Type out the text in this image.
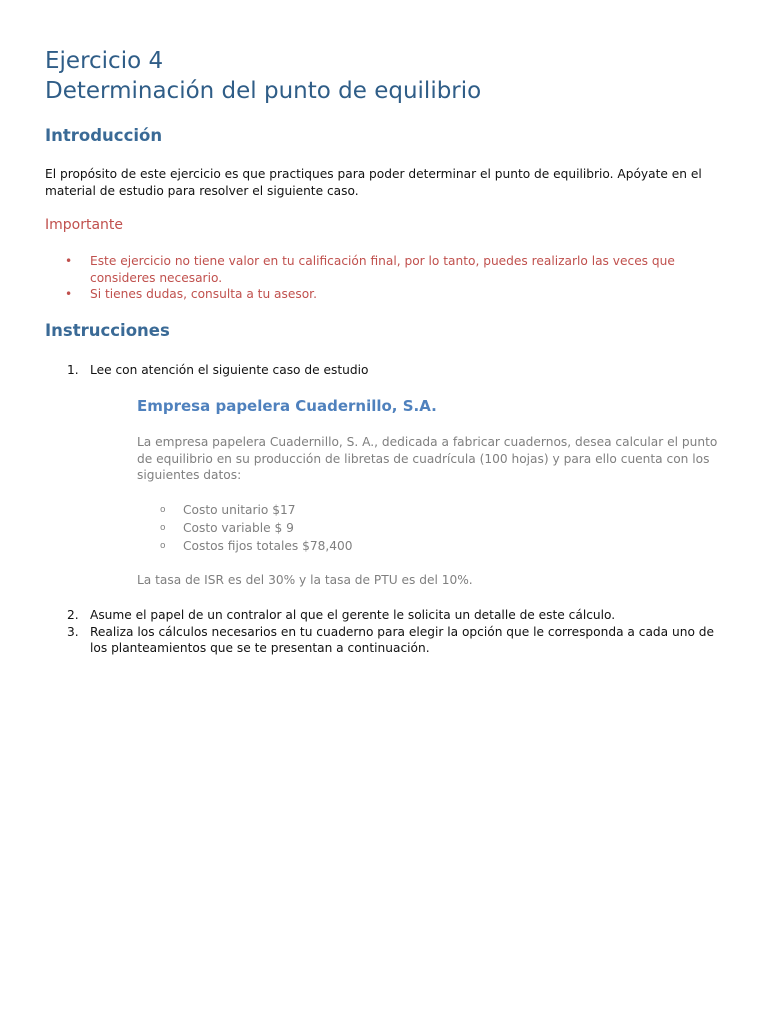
Ejercicio 4
Determinación del punto de equilibrio
Introducción

El propósito de este ejercicio es que practiques para poder determinar el punto de equilibrio. Apóyate en el material de estudio para resolver el siguiente caso.

Importante

• Este ejercicio no tiene valor en tu calificación final, por lo tanto, puedes realizarlo las veces que consideres necesario.
• Si tienes dudas, consulta a tu asesor.
Instrucciones
1. Lee con atención el siguiente caso de estudio
Empresa papelera Cuadernillo, S.A.

La empresa papelera Cuadernillo, S. A., dedicada a fabricar cuadernos, desea calcular el punto de equilibrio en su producción de libretas de cuadrícula (100 hojas) y para ello cuenta con los siguientes datos:

o Costo unitario $17
o Costo variable $ 9
o Costos fijos totales $78,400

La tasa de ISR es del 30% y la tasa de PTU es del 10%.

2. Asume el papel de un contralor al que el gerente le solicita un detalle de este cálculo.
3. Realiza los cálculos necesarios en tu cuaderno para elegir la opción que le corresponda a cada uno de los planteamientos que se te presentan a continuación.
